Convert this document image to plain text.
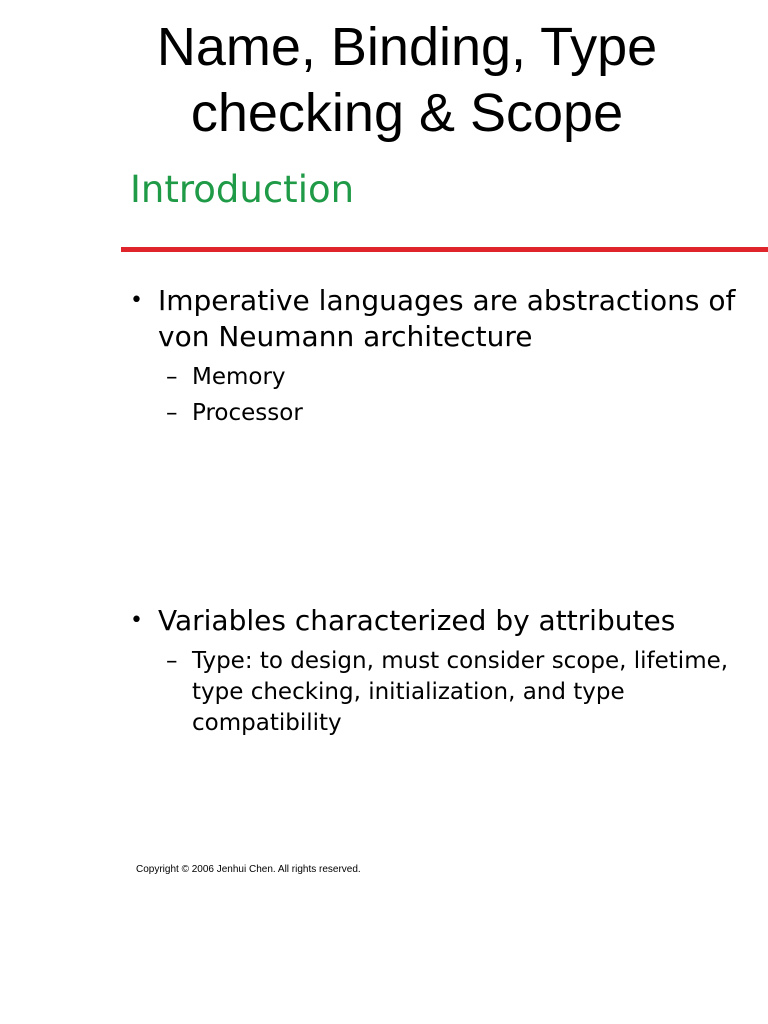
Name, Binding, Type
checking & Scope
Introduction
• Imperative languages are abstractions of
von Neumann architecture
– Memory
– Processor
• Variables characterized by attributes
– Type: to design, must consider scope, lifetime,
type checking, initialization, and type
compatibility
Copyright © 2006 Jenhui Chen. All rights reserved.
